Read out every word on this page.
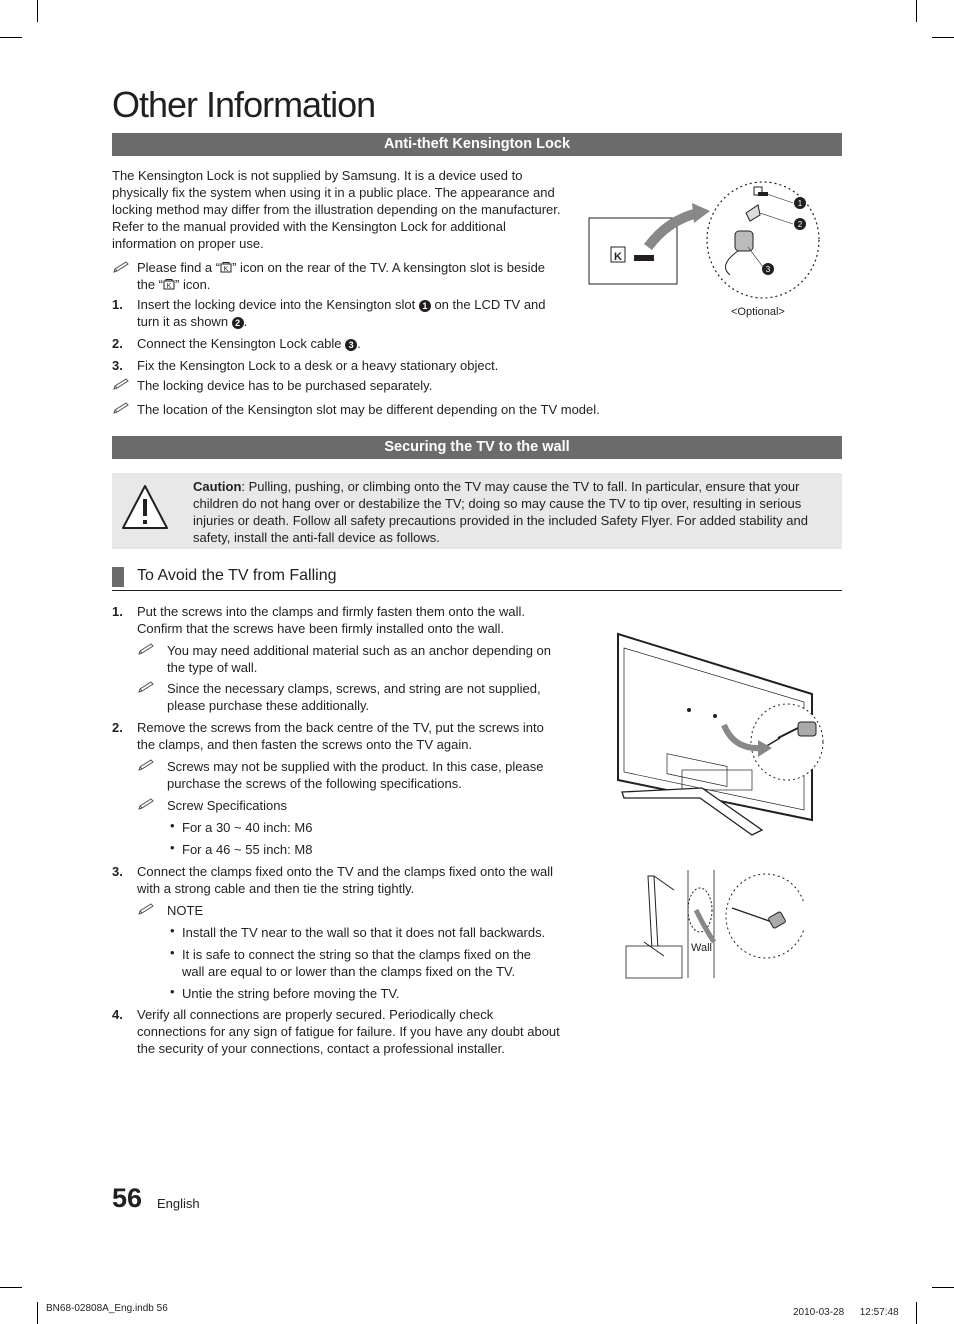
Other Information
Anti-theft Kensington Lock
The Kensington Lock is not supplied by Samsung. It is a device used to
physically fix the system when using it in a public place. The appearance and
locking method may differ from the illustration depending on the manufacturer.
Refer to the manual provided with the Kensington Lock for additional
information on proper use.
Please find a “ K ” icon on the rear of the TV. A kensington slot is beside
the “ K ” icon.
1. Insert the locking device into the Kensington slot 1 on the LCD TV and
turn it as shown 2 .
2. Connect the Kensington Lock cable 3 .
3. Fix the Kensington Lock to a desk or a heavy stationary object.
The locking device has to be purchased separately.
The location of the Kensington slot may be different depending on the TV model.
K
1
2
3
<Optional>
Securing the TV to the wall
Caution: Pulling, pushing, or climbing onto the TV may cause the TV to fall. In particular, ensure that your
children do not hang over or destabilize the TV; doing so may cause the TV to tip over, resulting in serious
injuries or death. Follow all safety precautions provided in the included Safety Flyer. For added stability and
safety, install the anti-fall device as follows.
To Avoid the TV from Falling
1. Put the screws into the clamps and firmly fasten them onto the wall.
Confirm that the screws have been firmly installed onto the wall.
You may need additional material such as an anchor depending on
the type of wall.
Since the necessary clamps, screws, and string are not supplied,
please purchase these additionally.
2. Remove the screws from the back centre of the TV, put the screws into
the clamps, and then fasten the screws onto the TV again.
Screws may not be supplied with the product. In this case, please
purchase the screws of the following specifications.
Screw Specifications
• For a 30 ~ 40 inch: M6
• For a 46 ~ 55 inch: M8
3. Connect the clamps fixed onto the TV and the clamps fixed onto the wall
with a strong cable and then tie the string tightly.
NOTE
• Install the TV near to the wall so that it does not fall backwards.
• It is safe to connect the string so that the clamps fixed on the
wall are equal to or lower than the clamps fixed on the TV.
• Untie the string before moving the TV.
4. Verify all connections are properly secured. Periodically check
connections for any sign of fatigue for failure. If you have any doubt about
the security of your connections, contact a professional installer.
Wall
56 English
BN68-02808A_Eng.indb 56	2010-03-28 　 12:57:48
